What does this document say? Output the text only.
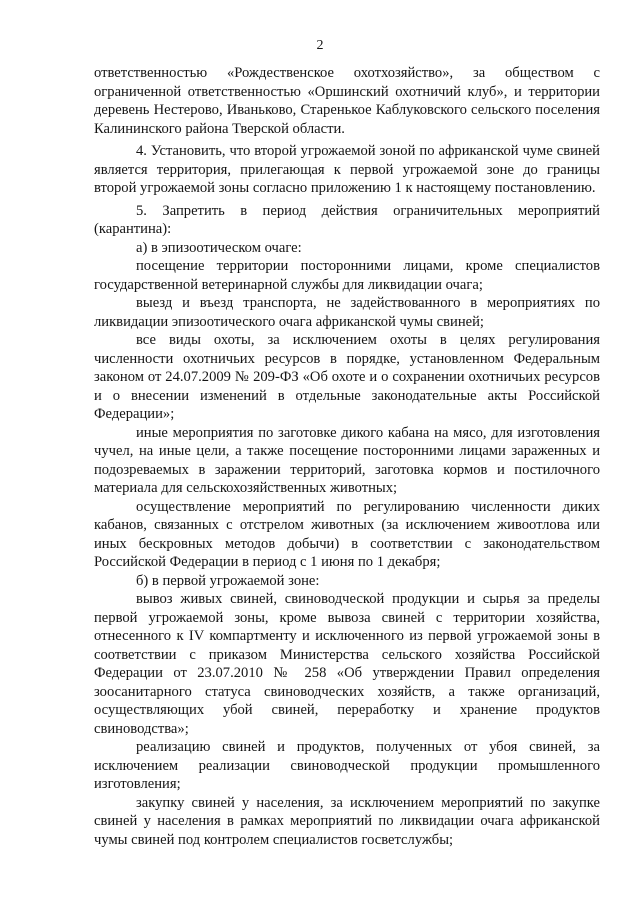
2

ответственностью «Рождественское охотхозяйство», за обществом с ограниченной ответственностью «Оршинский охотничий клуб», и территории деревень Нестерово, Иваньково, Старенькое Каблуковского сельского поселения Калининского района Тверской области.

4. Установить, что второй угрожаемой зоной по африканской чуме свиней является территория, прилегающая к первой угрожаемой зоне до границы второй угрожаемой зоны согласно приложению 1 к настоящему постановлению.

5. Запретить в период действия ограничительных мероприятий (карантина):

а) в эпизоотическом очаге:

посещение территории посторонними лицами, кроме специалистов государственной ветеринарной службы для ликвидации очага;

выезд и въезд транспорта, не задействованного в мероприятиях по ликвидации эпизоотического очага африканской чумы свиней;

все виды охоты, за исключением охоты в целях регулирования численности охотничьих ресурсов в порядке, установленном Федеральным законом от 24.07.2009 № 209-ФЗ «Об охоте и о сохранении охотничьих ресурсов и о внесении изменений в отдельные законодательные акты Российской Федерации»;

иные мероприятия по заготовке дикого кабана на мясо, для изготовления чучел, на иные цели, а также посещение посторонними лицами зараженных и подозреваемых в заражении территорий, заготовка кормов и постилочного материала для сельскохозяйственных животных;

осуществление мероприятий по регулированию численности диких кабанов, связанных с отстрелом животных (за исключением живоотлова или иных бескровных методов добычи) в соответствии с законодательством Российской Федерации в период с 1 июня по 1 декабря;

б) в первой угрожаемой зоне:

вывоз живых свиней, свиноводческой продукции и сырья за пределы первой угрожаемой зоны, кроме вывоза свиней с территории хозяйства, отнесенного к IV компартменту и исключенного из первой угрожаемой зоны в соответствии с приказом Министерства сельского хозяйства Российской Федерации от 23.07.2010 № 258 «Об утверждении Правил определения зоосанитарного статуса свиноводческих хозяйств, а также организаций, осуществляющих убой свиней, переработку и хранение продуктов свиноводства»;

реализацию свиней и продуктов, полученных от убоя свиней, за исключением реализации свиноводческой продукции промышленного изготовления;

закупку свиней у населения, за исключением мероприятий по закупке свиней у населения в рамках мероприятий по ликвидации очага африканской чумы свиней под контролем специалистов госветслужбы;
